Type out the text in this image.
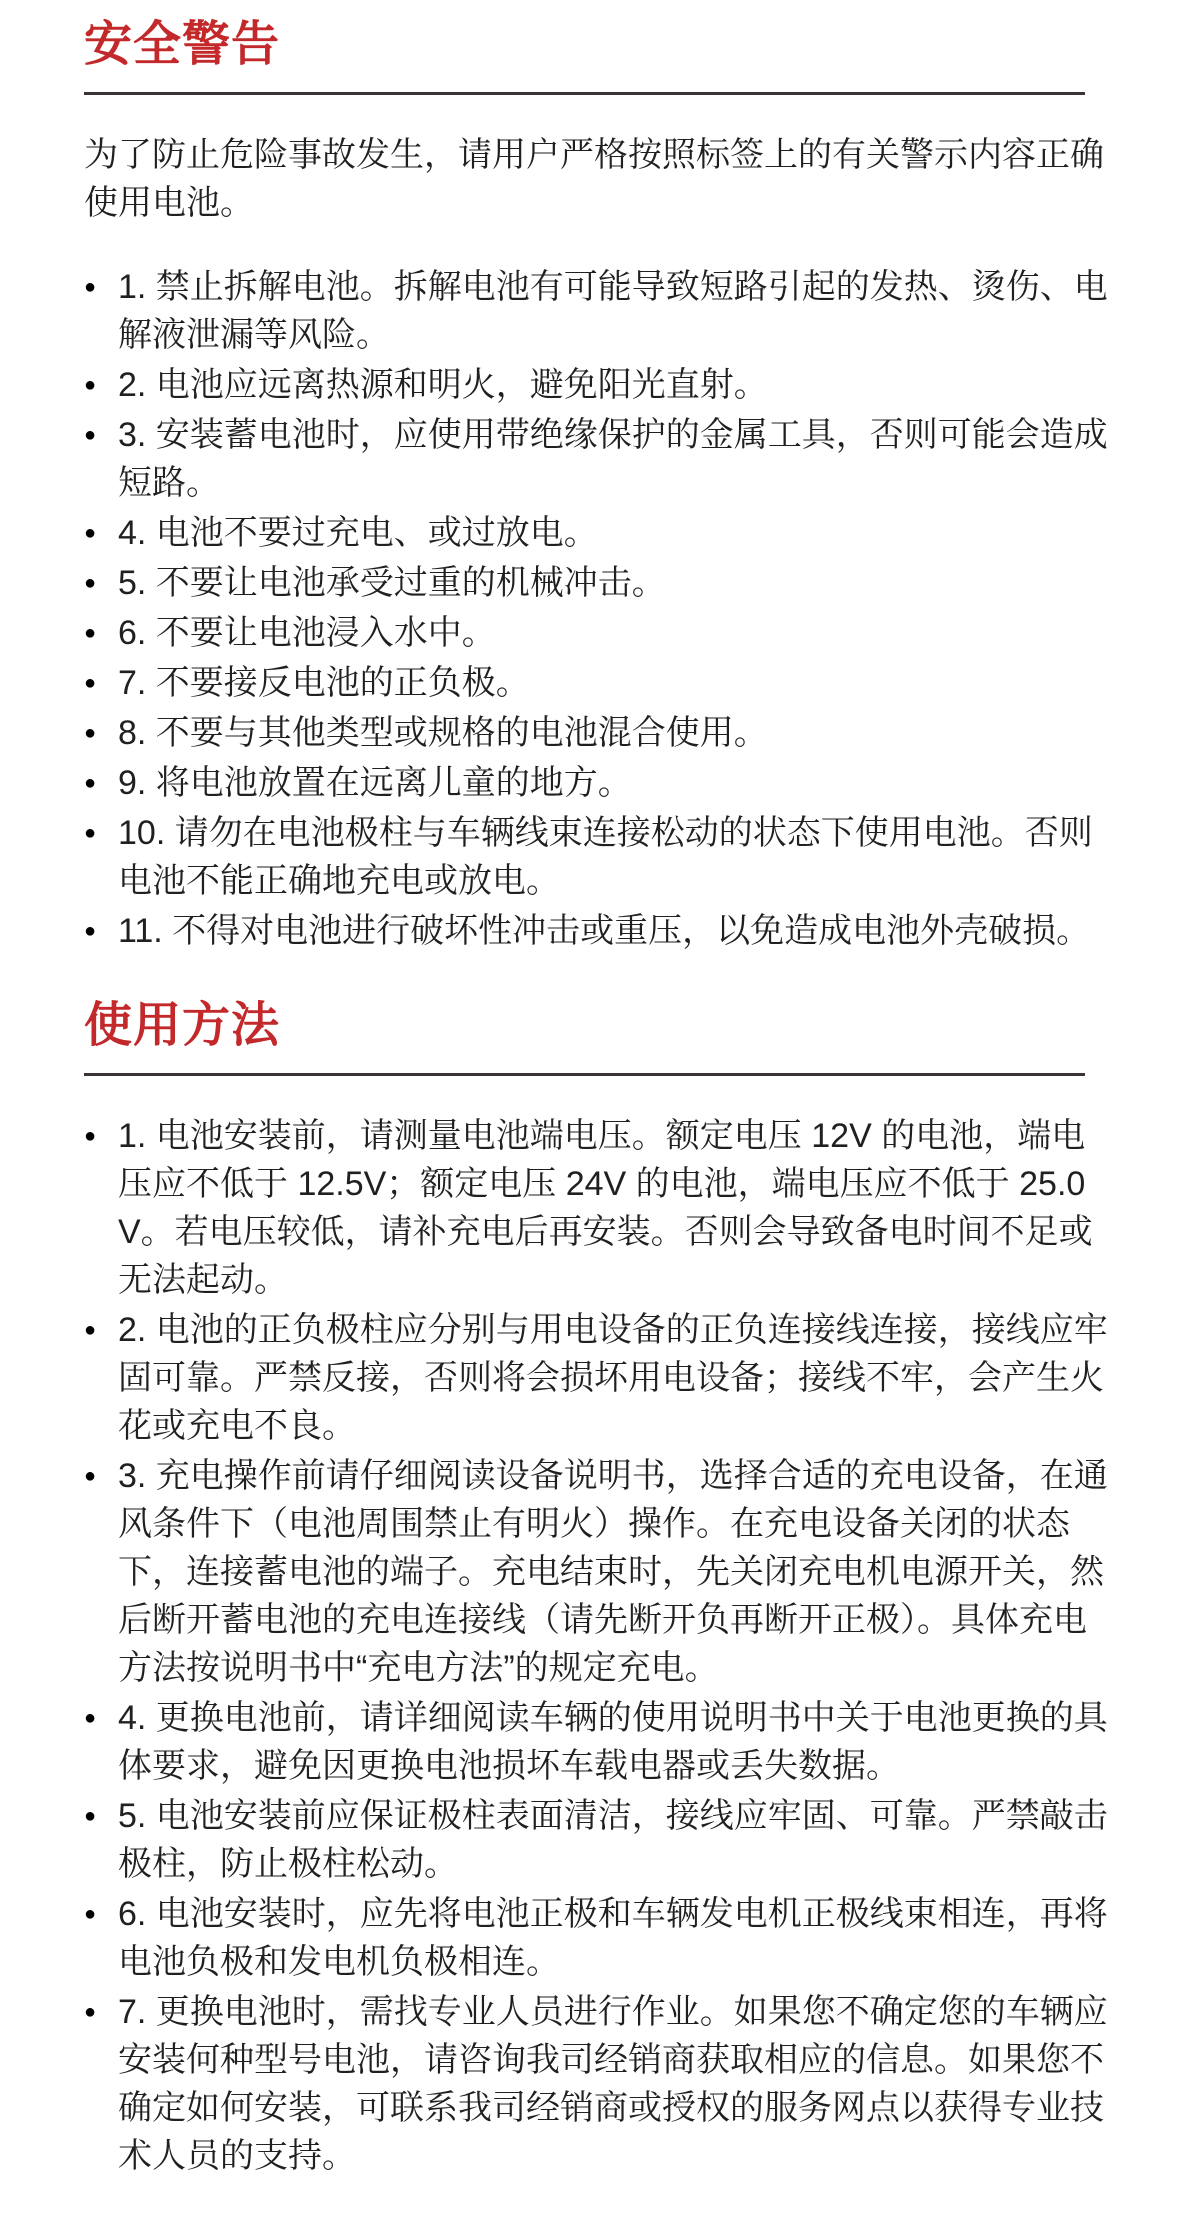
安全警告

为了防止危险事故发生，请用户严格按照标签上的有关警示内容正确使用电池。

● 1. 禁止拆解电池。拆解电池有可能导致短路引起的发热、烫伤、电解液泄漏等风险。
● 2. 电池应远离热源和明火，避免阳光直射。
● 3. 安装蓄电池时，应使用带绝缘保护的金属工具，否则可能会造成短路。
● 4. 电池不要过充电、或过放电。
● 5. 不要让电池承受过重的机械冲击。
● 6. 不要让电池浸入水中。
● 7. 不要接反电池的正负极。
● 8. 不要与其他类型或规格的电池混合使用。
● 9. 将电池放置在远离儿童的地方。
● 10. 请勿在电池极柱与车辆线束连接松动的状态下使用电池。否则电池不能正确地充电或放电。
● 11. 不得对电池进行破坏性冲击或重压，以免造成电池外壳破损。
使用方法
● 1. 电池安装前，请测量电池端电压。额定电压 12V 的电池，端电压应不低于 12.5V；额定电压 24V 的电池，端电压应不低于 25.0V。若电压较低，请补充电后再安装。否则会导致备电时间不足或无法起动。
● 2. 电池的正负极柱应分别与用电设备的正负连接线连接，接线应牢固可靠。严禁反接，否则将会损坏用电设备；接线不牢，会产生火花或充电不良。
● 3. 充电操作前请仔细阅读设备说明书，选择合适的充电设备，在通风条件下（电池周围禁止有明火）操作。在充电设备关闭的状态下，连接蓄电池的端子。充电结束时，先关闭充电机电源开关，然后断开蓄电池的充电连接线（请先断开负再断开正极）。具体充电方法按说明书中“充电方法”的规定充电。
● 4. 更换电池前，请详细阅读车辆的使用说明书中关于电池更换的具体要求，避免因更换电池损坏车载电器或丢失数据。
● 5. 电池安装前应保证极柱表面清洁，接线应牢固、可靠。严禁敲击 极柱，防止极柱松动。
● 6. 电池安装时，应先将电池正极和车辆发电机正极线束相连，再将电池负极和发电机负极相连。
● 7. 更换电池时，需找专业人员进行作业。如果您不确定您的车辆应安装何种型号电池，请咨询我司经销商获取相应的信息。如果您不确定如何安装，可联系我司经销商或授权的服务网点以获得专业技术人员的支持。
